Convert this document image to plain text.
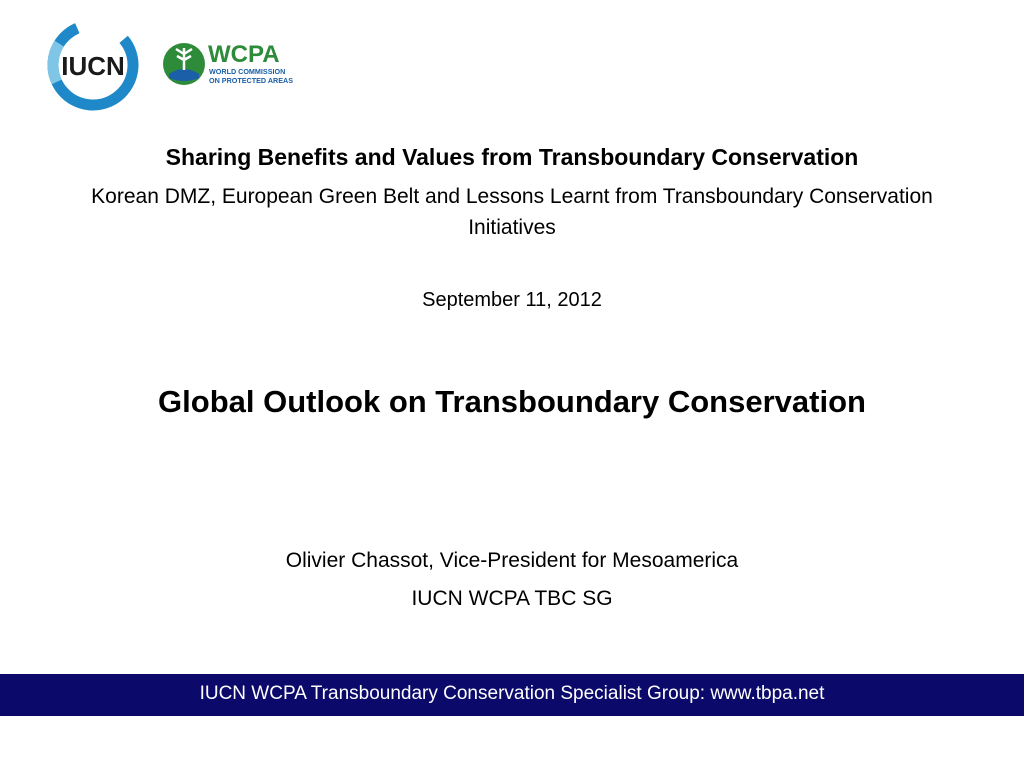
IUCN	WCPA
WORLD COMMISSION
ON PROTECTED AREAS
Sharing Benefits and Values from Transboundary Conservation
Korean DMZ, European Green Belt and Lessons Learnt from Transboundary Conservation Initiatives
September 11, 2012
Global Outlook on Transboundary Conservation
Olivier Chassot, Vice-President for Mesoamerica
IUCN WCPA TBC SG
IUCN WCPA Transboundary Conservation Specialist Group: www.tbpa.net
